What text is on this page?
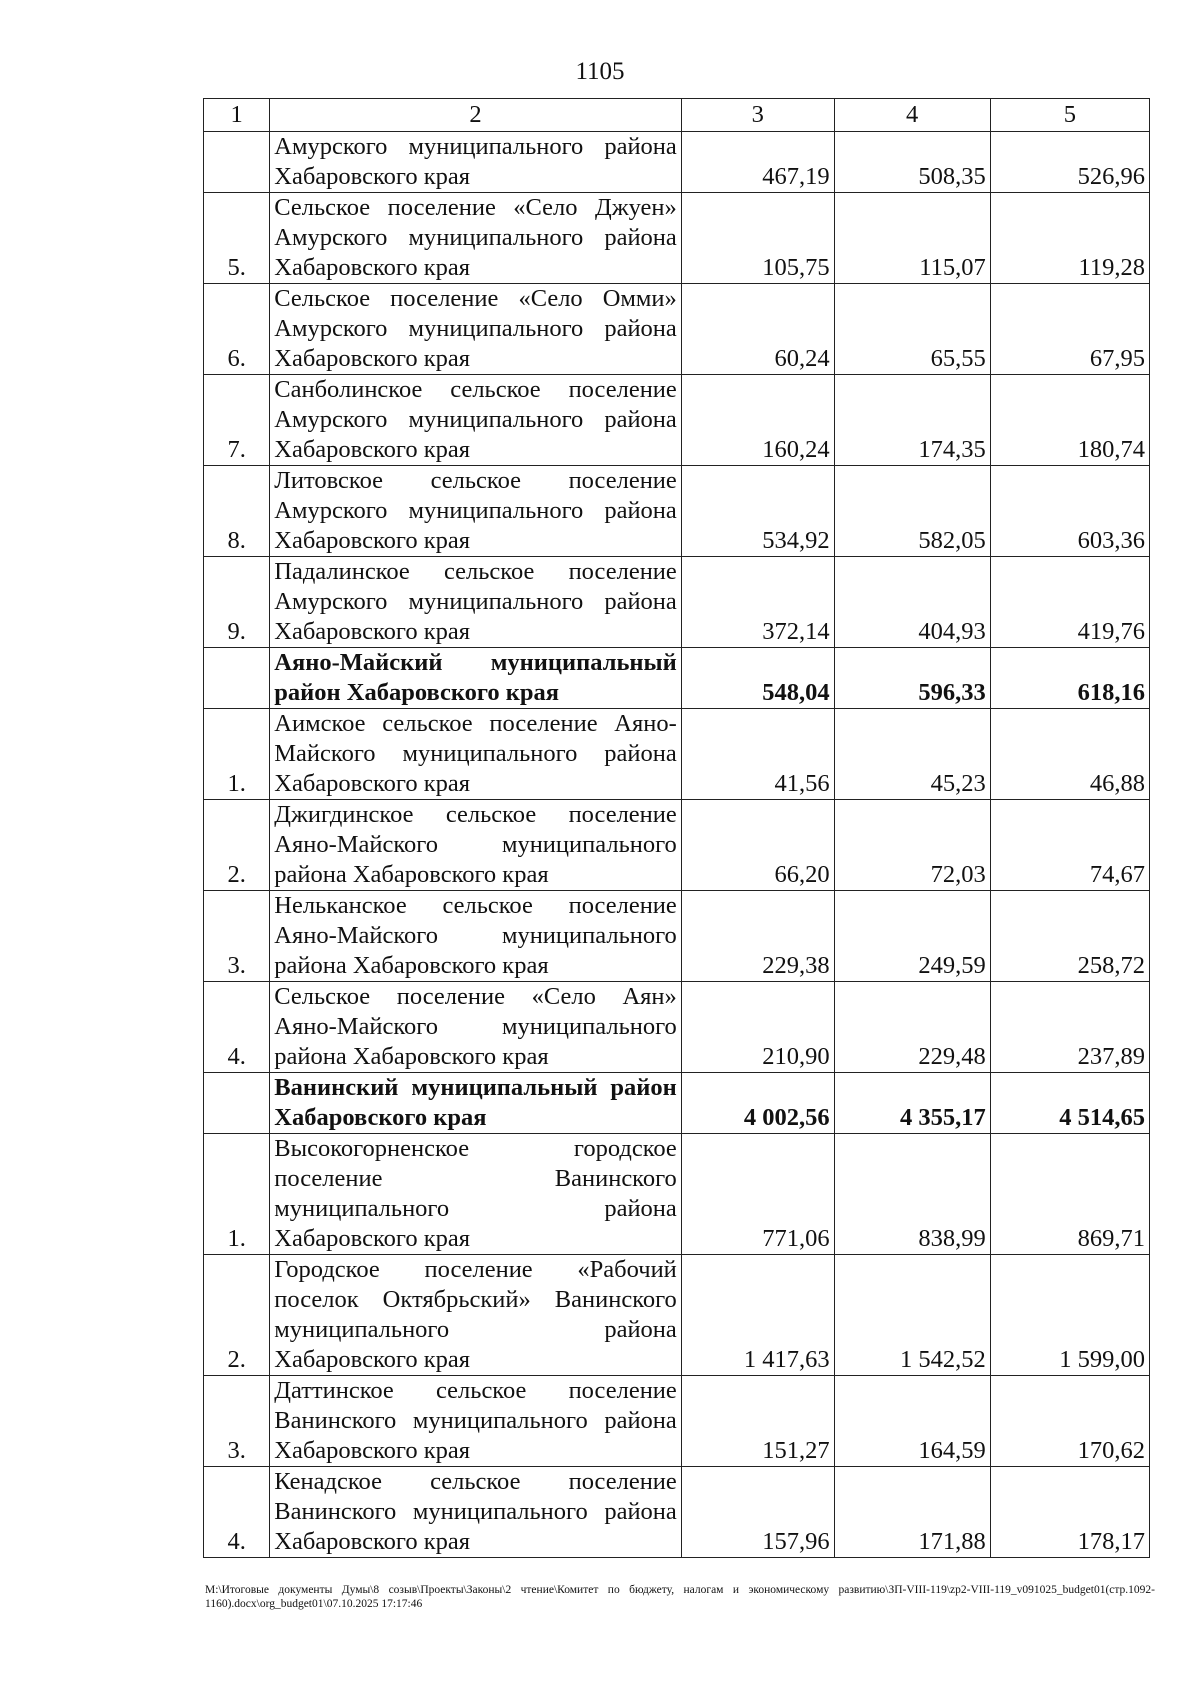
1105
1	2	3	4	5
	Амурского муниципального района Хабаровского края	467,19	508,35	526,96
5.	Сельское поселение «Село Джуен» Амурского муниципального района Хабаровского края	105,75	115,07	119,28
6.	Сельское поселение «Село Омми» Амурского муниципального района Хабаровского края	60,24	65,55	67,95
7.	Санболинское сельское поселение Амурского муниципального района Хабаровского края	160,24	174,35	180,74
8.	Литовское сельское поселение Амурского муниципального района Хабаровского края	534,92	582,05	603,36
9.	Падалинское сельское поселение Амурского муниципального района Хабаровского края	372,14	404,93	419,76
	Аяно-Майский муниципальный район Хабаровского края	548,04	596,33	618,16
1.	Аимское сельское поселение Аяно-Майского муниципального района Хабаровского края	41,56	45,23	46,88
2.	Джигдинское сельское поселение Аяно-Майского муниципального района Хабаровского края	66,20	72,03	74,67
3.	Нельканское сельское поселение Аяно-Майского муниципального района Хабаровского края	229,38	249,59	258,72
4.	Сельское поселение «Село Аян» Аяно-Майского муниципального района Хабаровского края	210,90	229,48	237,89
	Ванинский муниципальный район Хабаровского края	4 002,56	4 355,17	4 514,65
1.	Высокогорненское городское поселение Ванинского муниципального района Хабаровского края	771,06	838,99	869,71
2.	Городское поселение «Рабочий поселок Октябрьский» Ванинского муниципального района Хабаровского края	1 417,63	1 542,52	1 599,00
3.	Даттинское сельское поселение Ванинского муниципального района Хабаровского края	151,27	164,59	170,62
4.	Кенадское сельское поселение Ванинского муниципального района Хабаровского края	157,96	171,88	178,17
M:\Итоговые документы Думы\8 созыв\Проекты\Законы\2 чтение\Комитет по бюджету, налогам и экономическому развитию\ЗП-VIII-119\zp2-VIII-119_v091025_budget01(стр.1092-1160).docx\org_budget01\07.10.2025 17:17:46
